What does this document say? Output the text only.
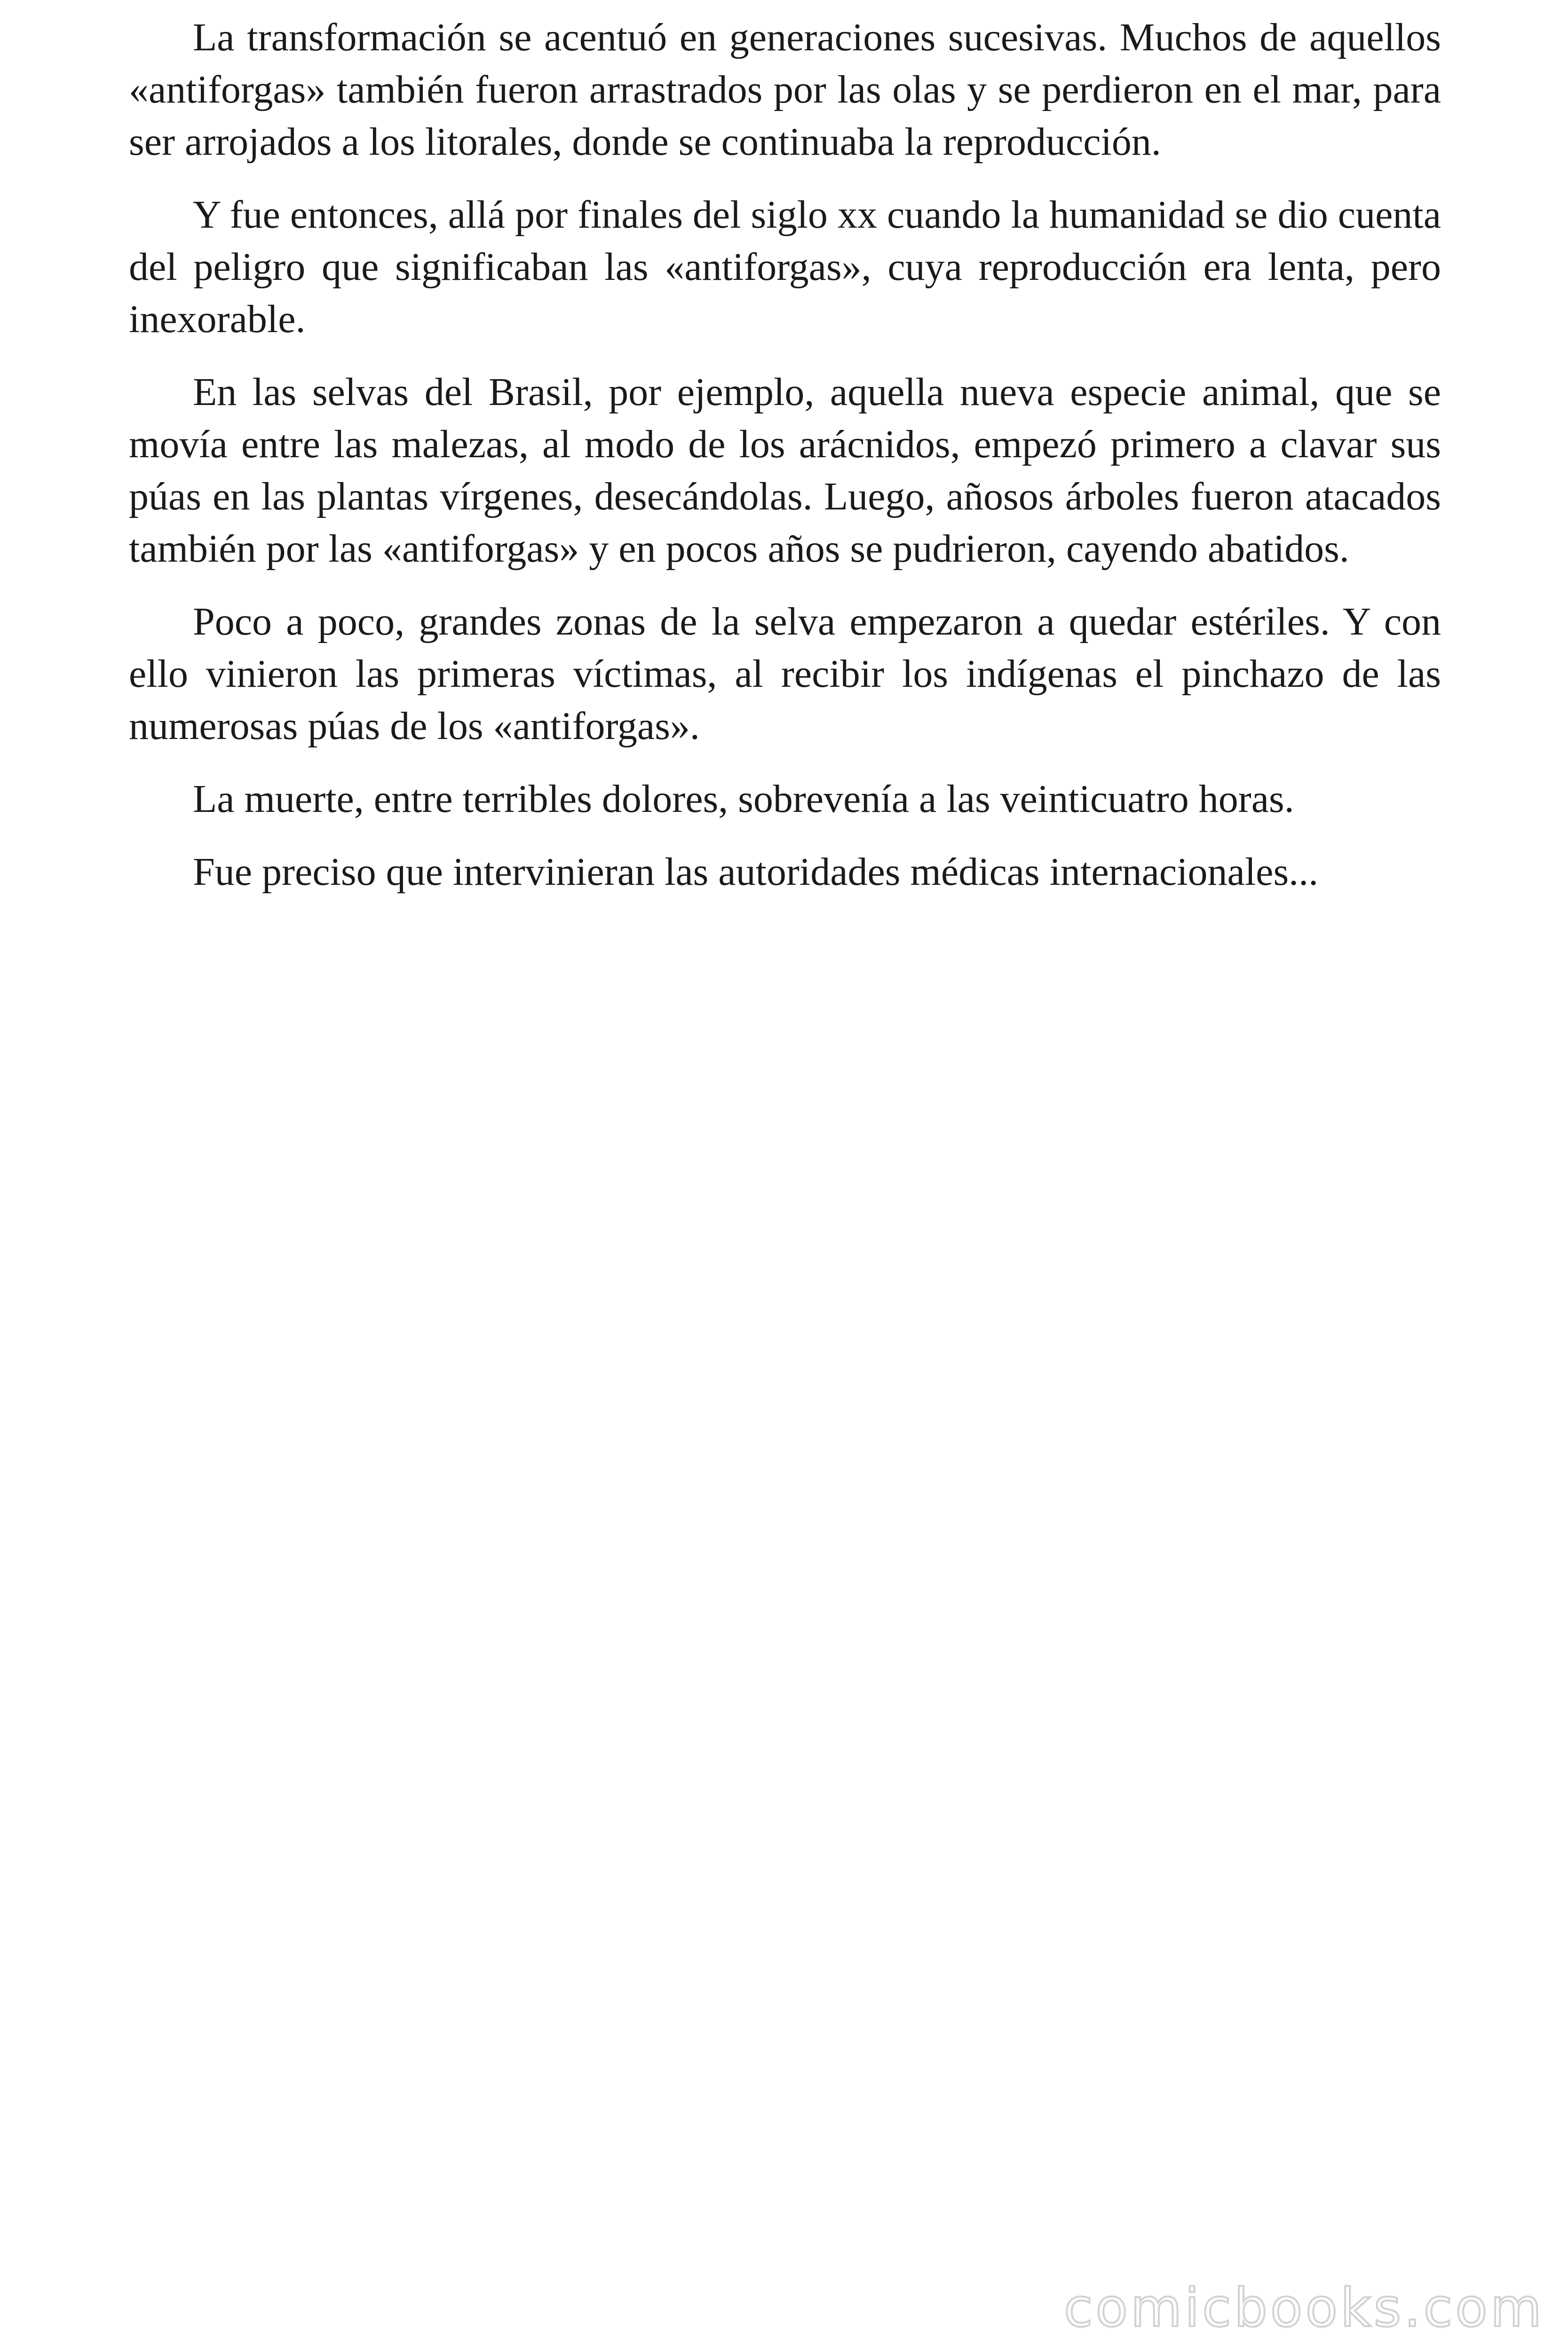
La transformación se acentuó en generaciones sucesivas. Muchos de aquellos «antiforgas» también fueron arrastrados por las olas y se perdieron en el mar, para ser arrojados a los litorales, donde se continuaba la reproducción.

Y fue entonces, allá por finales del siglo xx cuando la humanidad se dio cuenta del peligro que significaban las «antiforgas», cuya reproducción era lenta, pero inexorable.

En las selvas del Brasil, por ejemplo, aquella nueva especie animal, que se movía entre las malezas, al modo de los arácnidos, empezó primero a clavar sus púas en las plantas vírgenes, desecándolas. Luego, añosos árboles fueron atacados también por las «antiforgas» y en pocos años se pudrieron, cayendo abatidos.

Poco a poco, grandes zonas de la selva empezaron a quedar estériles. Y con ello vinieron las primeras víctimas, al recibir los indígenas el pinchazo de las numerosas púas de los «antiforgas».

La muerte, entre terribles dolores, sobrevenía a las veinticuatro horas.

Fue preciso que intervinieran las autoridades médicas internacionales...

comicbooks.com
